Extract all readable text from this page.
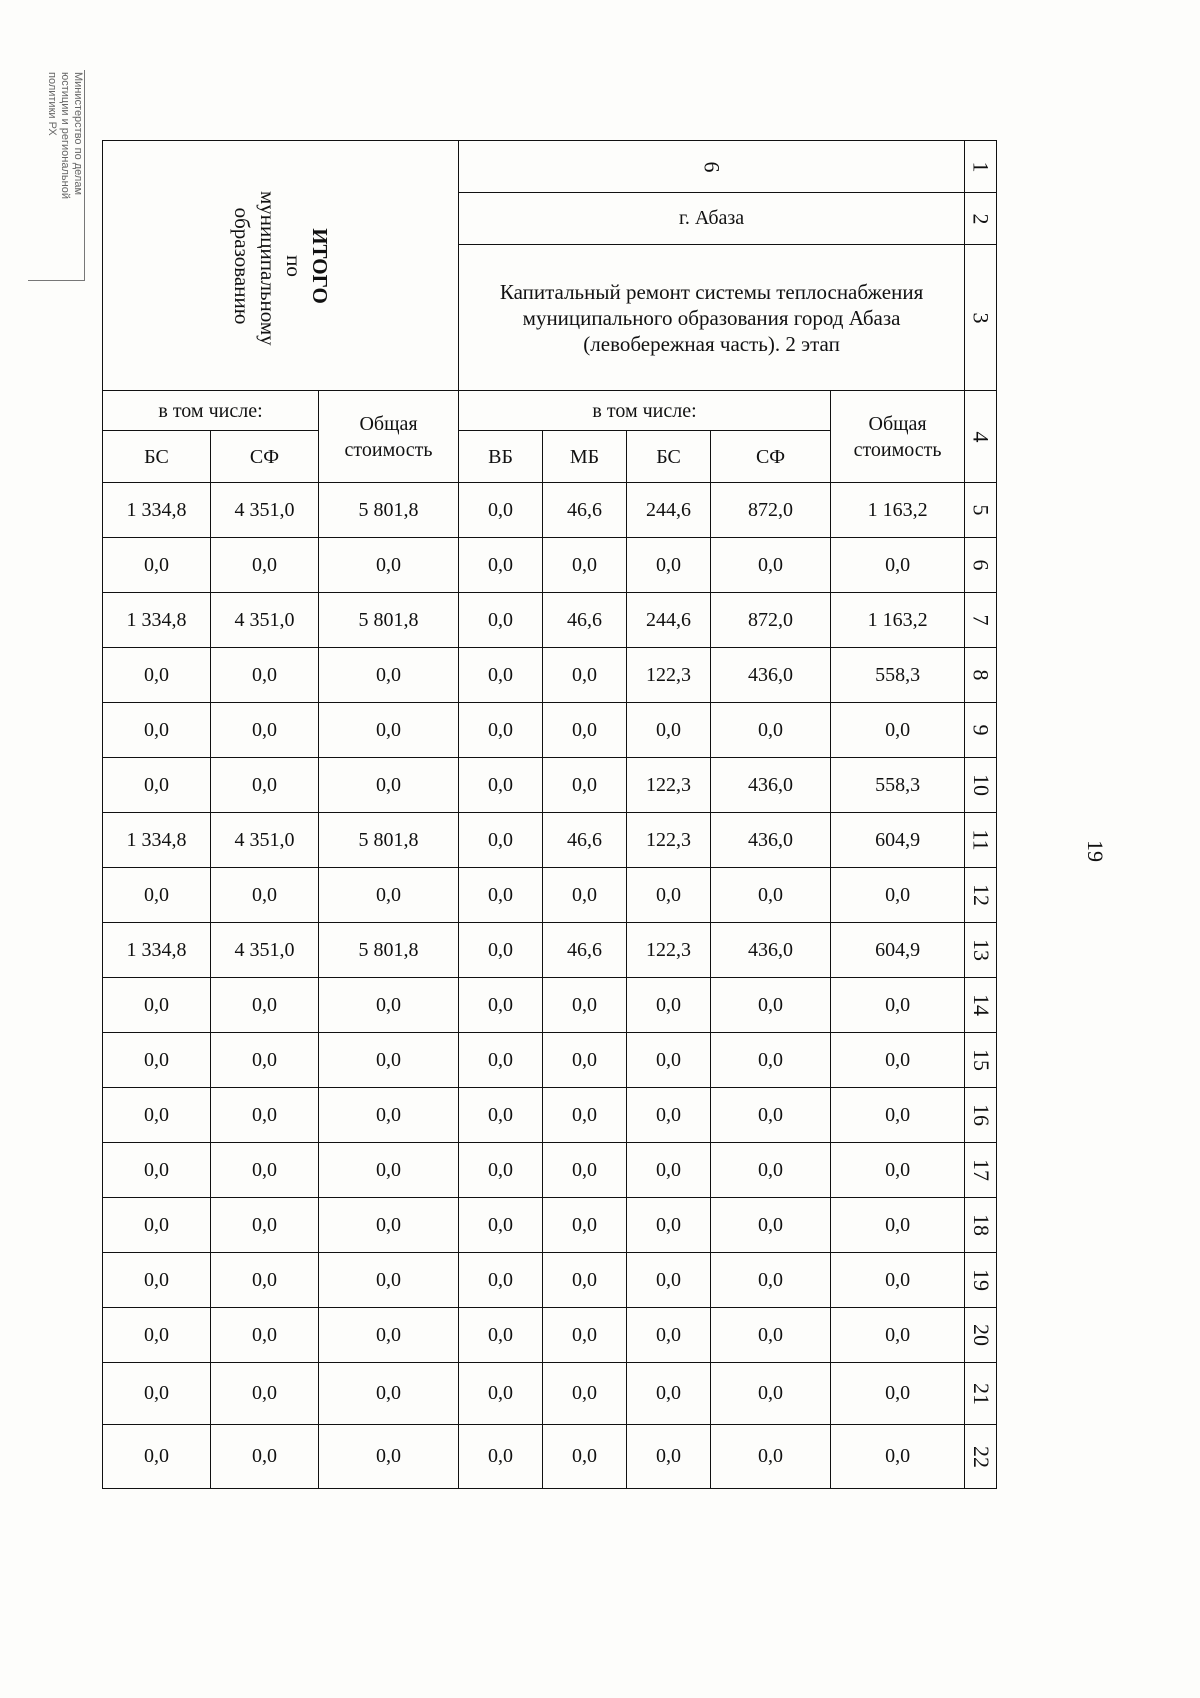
Министерство по делам
юстиции и региональной
политики РХ
19
ИТОГО
по муниципальному образованию			6					1
			г. Абаза					2

			Капитальный ремонт системы теплоснабжения муниципального образования город Абаза (левобережная часть). 2 этап					3
в том числе:		Общая стоимость	в том числе:				Общая стоимость	4
БС	СФ		ВБ	МБ	БС	СФ		
1 334,8	4 351,0	5 801,8	0,0	46,6	244,6	872,0	1 163,2	5
0,0	0,0	0,0	0,0	0,0	0,0	0,0	0,0	6
1 334,8	4 351,0	5 801,8	0,0	46,6	244,6	872,0	1 163,2	7
0,0	0,0	0,0	0,0	0,0	122,3	436,0	558,3	8
0,0	0,0	0,0	0,0	0,0	0,0	0,0	0,0	9
0,0	0,0	0,0	0,0	0,0	122,3	436,0	558,3	10
1 334,8	4 351,0	5 801,8	0,0	46,6	122,3	436,0	604,9	11
0,0	0,0	0,0	0,0	0,0	0,0	0,0	0,0	12
1 334,8	4 351,0	5 801,8	0,0	46,6	122,3	436,0	604,9	13
0,0	0,0	0,0	0,0	0,0	0,0	0,0	0,0	14
0,0	0,0	0,0	0,0	0,0	0,0	0,0	0,0	15
0,0	0,0	0,0	0,0	0,0	0,0	0,0	0,0	16
0,0	0,0	0,0	0,0	0,0	0,0	0,0	0,0	17
0,0	0,0	0,0	0,0	0,0	0,0	0,0	0,0	18
0,0	0,0	0,0	0,0	0,0	0,0	0,0	0,0	19
0,0	0,0	0,0	0,0	0,0	0,0	0,0	0,0	20
0,0	0,0	0,0	0,0	0,0	0,0	0,0	0,0	21
0,0	0,0	0,0	0,0	0,0	0,0	0,0	0,0	22
